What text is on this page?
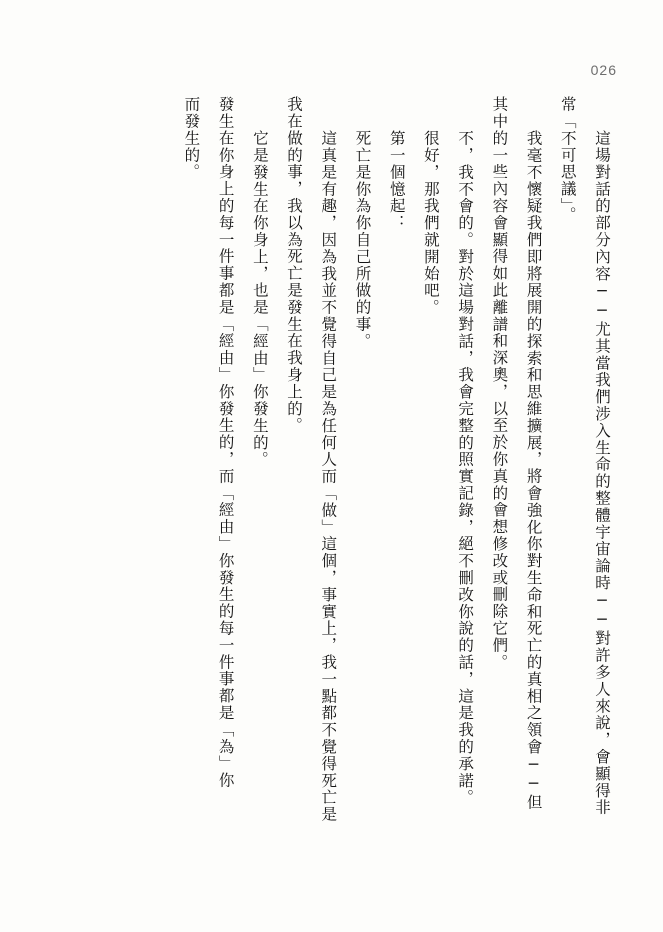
026
這場對話的部分內容──尤其當我們涉入生命的整體宇宙論時──對許多人來說，會顯得非
常「不可思議」。
我毫不懷疑我們即將展開的探索和思維擴展，將會強化你對生命和死亡的真相之領會──但
其中的一些內容會顯得如此離譜和深奧，以至於你真的會想修改或刪除它們。
不，我不會的。對於這場對話，我會完整的照實記錄，絕不刪改你說的話，這是我的承諾。
很好，那我們就開始吧。
第一個憶起：
死亡是你為你自己所做的事。
這真是有趣，因為我並不覺得自己是為任何人而「做」這個，事實上，我一點都不覺得死亡是
我在做的事，我以為死亡是發生在我身上的。
它是發生在你身上，也是「經由」你發生的。
發生在你身上的每一件事都是「經由」你發生的，而「經由」你發生的每一件事都是「為」你
而發生的。
